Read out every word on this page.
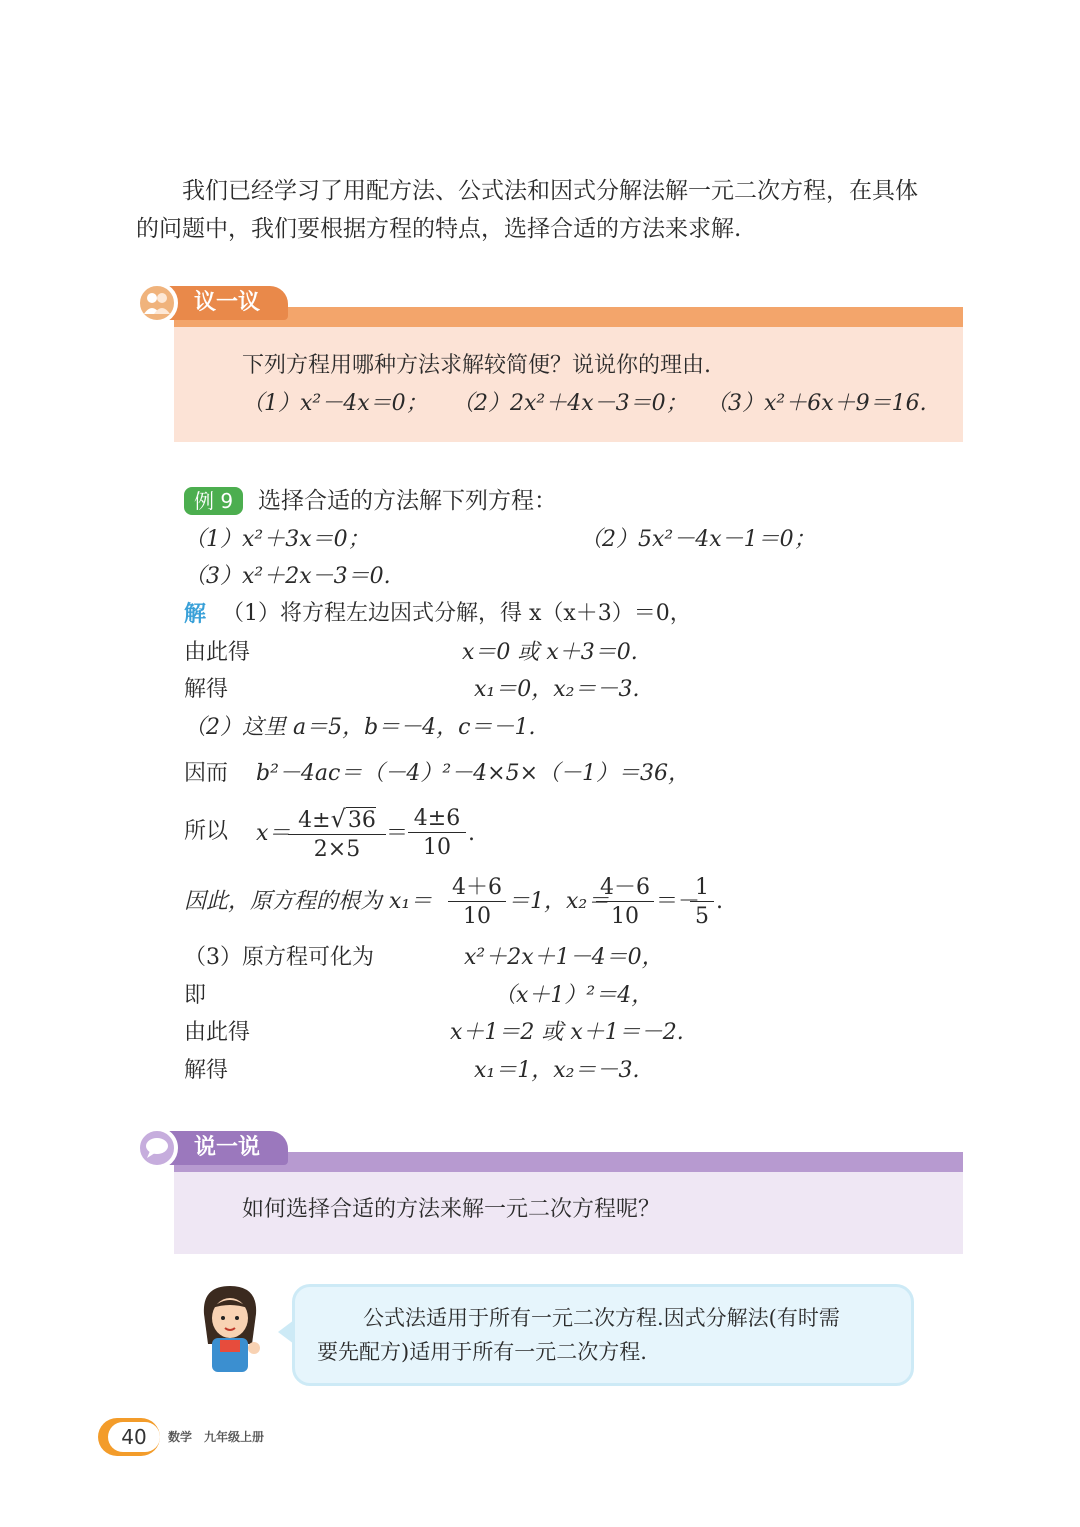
我们已经学习了用配方法、公式法和因式分解法解一元二次方程，在具体
的问题中，我们要根据方程的特点，选择合适的方法来求解.
议一议
下列方程用哪种方法求解较简便？说说你的理由.
（1）x²－4x＝0； （2）2x²＋4x－3＝0； （3）x²＋6x＋9＝16.
例 9	选择合适的方法解下列方程：
（1）x²＋3x＝0；	（2）5x²－4x－1＝0；
（3）x²＋2x－3＝0.
解 （1）将方程左边因式分解，得 x（x＋3）＝0，
由此得	x＝0 或 x＋3＝0.
解得	x₁＝0，x₂＝－3.
（2）这里 a＝5，b＝－4，c＝－1.
因而 b²－4ac＝（－4）²－4×5×（－1）＝36，
所以 x＝
$\frac{4\pm√36}{2\times 5} = \frac{4\pm 6}{10}$ .
因此，原方程的根为 $x_1= \frac{4+6}{10} =1$，x₂＝
$\frac{4-6}{10}$ ＝－
$\frac{1}{5}$ .
（3）原方程可化为	x²＋2x＋1－4＝0，
即	（x＋1）²＝4，
由此得	x＋1＝2 或 x＋1＝－2.
解得	x₁＝1，x₂＝－3.
说一说
如何选择合适的方法来解一元二次方程呢？
公式法适用于所有一元二次方程.因式分解法(有时需
要先配方)适用于所有一元二次方程.
40	数学　九年级上册
